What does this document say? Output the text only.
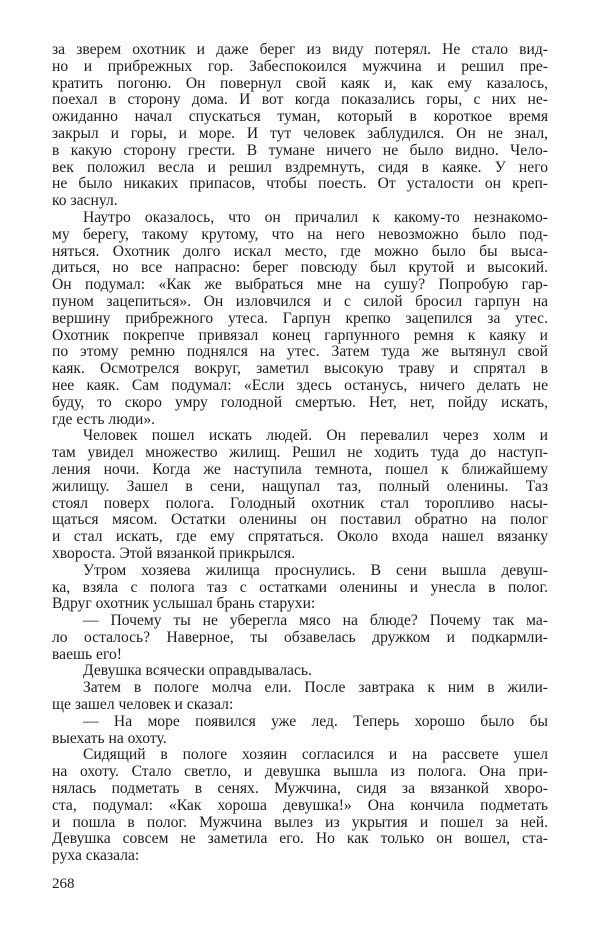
за зверем охотник и даже берег из виду потерял. Не стало вид-
но и прибрежных гор. Забеспокоился мужчина и решил пре-
кратить погоню. Он повернул свой каяк и, как ему казалось,
поехал в сторону дома. И вот когда показались горы, с них не-
ожиданно начал спускаться туман, который в короткое время
закрыл и горы, и море. И тут человек заблудился. Он не знал,
в какую сторону грести. В тумане ничего не было видно. Чело-
век положил весла и решил вздремнуть, сидя в каяке. У него
не было никаких припасов, чтобы поесть. От усталости он креп-
ко заснул.
Наутро оказалось, что он причалил к какому-то незнакомо-
му берегу, такому крутому, что на него невозможно было под-
няться. Охотник долго искал место, где можно было бы выса-
диться, но все напрасно: берег повсюду был крутой и высокий.
Он подумал: «Как же выбраться мне на сушу? Попробую гар-
пуном зацепиться». Он изловчился и с силой бросил гарпун на
вершину прибрежного утеса. Гарпун крепко зацепился за утес.
Охотник покрепче привязал конец гарпунного ремня к каяку и
по этому ремню поднялся на утес. Затем туда же вытянул свой
каяк. Осмотрелся вокруг, заметил высокую траву и спрятал в
нее каяк. Сам подумал: «Если здесь останусь, ничего делать не
буду, то скоро умру голодной смертью. Нет, нет, пойду искать,
где есть люди».
Человек пошел искать людей. Он перевалил через холм и
там увидел множество жилищ. Решил не ходить туда до наступ-
ления ночи. Когда же наступила темнота, пошел к ближайшему
жилищу. Зашел в сени, нащупал таз, полный оленины. Таз
стоял поверх полога. Голодный охотник стал торопливо насы-
щаться мясом. Остатки оленины он поставил обратно на полог
и стал искать, где ему спрятаться. Около входа нашел вязанку
хвороста. Этой вязанкой прикрылся.
Утром хозяева жилища проснулись. В сени вышла девуш-
ка, взяла с полога таз с остатками оленины и унесла в полог.
Вдруг охотник услышал брань старухи:
— Почему ты не уберегла мясо на блюде? Почему так ма-
ло осталось? Наверное, ты обзавелась дружком и подкармли-
ваешь его!
Девушка всячески оправдывалась.
Затем в пологе молча ели. После завтрака к ним в жили-
ще зашел человек и сказал:
— На море появился уже лед. Теперь хорошо было бы
выехать на охоту.
Сидящий в пологе хозяин согласился и на рассвете ушел
на охоту. Стало светло, и девушка вышла из полога. Она при-
нялась подметать в сенях. Мужчина, сидя за вязанкой хворо-
ста, подумал: «Как хороша девушка!» Она кончила подметать
и пошла в полог. Мужчина вылез из укрытия и пошел за ней.
Девушка совсем не заметила его. Но как только он вошел, ста-
руха сказала:
268
